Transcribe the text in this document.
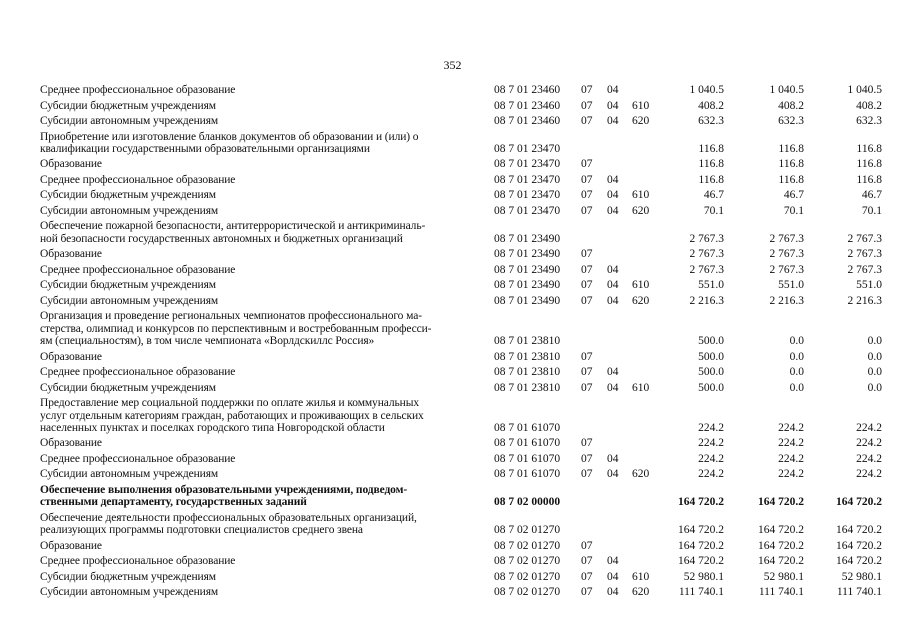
352
Среднее профессиональное образование	08 7 01 23460 07 04	1 040.5	1 040.5	1 040.5
Субсидии бюджетным учреждениям	08 7 01 23460 07 04 610	408.2	408.2	408.2
Субсидии автономным учреждениям	08 7 01 23460 07 04 620	632.3	632.3	632.3
Приобретение или изготовление бланков документов об образовании и (или) о
квалификации государственными образовательными организациями	08 7 01 23470	116.8	116.8	116.8
Образование	08 7 01 23470 07	116.8	116.8	116.8
Среднее профессиональное образование	08 7 01 23470 07 04	116.8	116.8	116.8
Субсидии бюджетным учреждениям	08 7 01 23470 07 04 610	46.7	46.7	46.7
Субсидии автономным учреждениям	08 7 01 23470 07 04 620	70.1	70.1	70.1
Обеспечение пожарной безопасности, антитеррористической и антикриминаль-
ной безопасности государственных автономных и бюджетных организаций	08 7 01 23490	2 767.3	2 767.3	2 767.3
Образование	08 7 01 23490 07	2 767.3	2 767.3	2 767.3
Среднее профессиональное образование	08 7 01 23490 07 04	2 767.3	2 767.3	2 767.3
Субсидии бюджетным учреждениям	08 7 01 23490 07 04 610	551.0	551.0	551.0
Субсидии автономным учреждениям	08 7 01 23490 07 04 620	2 216.3	2 216.3	2 216.3
Организация и проведение региональных чемпионатов профессионального ма-
стерства, олимпиад и конкурсов по перспективным и востребованным професси-
ям (специальностям), в том числе чемпионата «Ворлдскиллс Россия»	08 7 01 23810	500.0	0.0	0.0
Образование	08 7 01 23810 07	500.0	0.0	0.0
Среднее профессиональное образование	08 7 01 23810 07 04	500.0	0.0	0.0
Субсидии бюджетным учреждениям	08 7 01 23810 07 04 610	500.0	0.0	0.0
Предоставление мер социальной поддержки по оплате жилья и коммунальных
услуг отдельным категориям граждан, работающих и проживающих в сельских
населенных пунктах и поселках городского типа Новгородской области	08 7 01 61070	224.2	224.2	224.2
Образование	08 7 01 61070 07	224.2	224.2	224.2
Среднее профессиональное образование	08 7 01 61070 07 04	224.2	224.2	224.2
Субсидии автономным учреждениям	08 7 01 61070 07 04 620	224.2	224.2	224.2
Обеспечение выполнения образовательными учреждениями, подведом-
ственными департаменту, государственных заданий	08 7 02 00000	164 720.2	164 720.2	164 720.2
Обеспечение деятельности профессиональных образовательных организаций,
реализующих программы подготовки специалистов среднего звена	08 7 02 01270	164 720.2	164 720.2	164 720.2
Образование	08 7 02 01270 07	164 720.2	164 720.2	164 720.2
Среднее профессиональное образование	08 7 02 01270 07 04	164 720.2	164 720.2	164 720.2
Субсидии бюджетным учреждениям	08 7 02 01270 07 04 610	52 980.1	52 980.1	52 980.1
Субсидии автономным учреждениям	08 7 02 01270 07 04 620	111 740.1	111 740.1	111 740.1
